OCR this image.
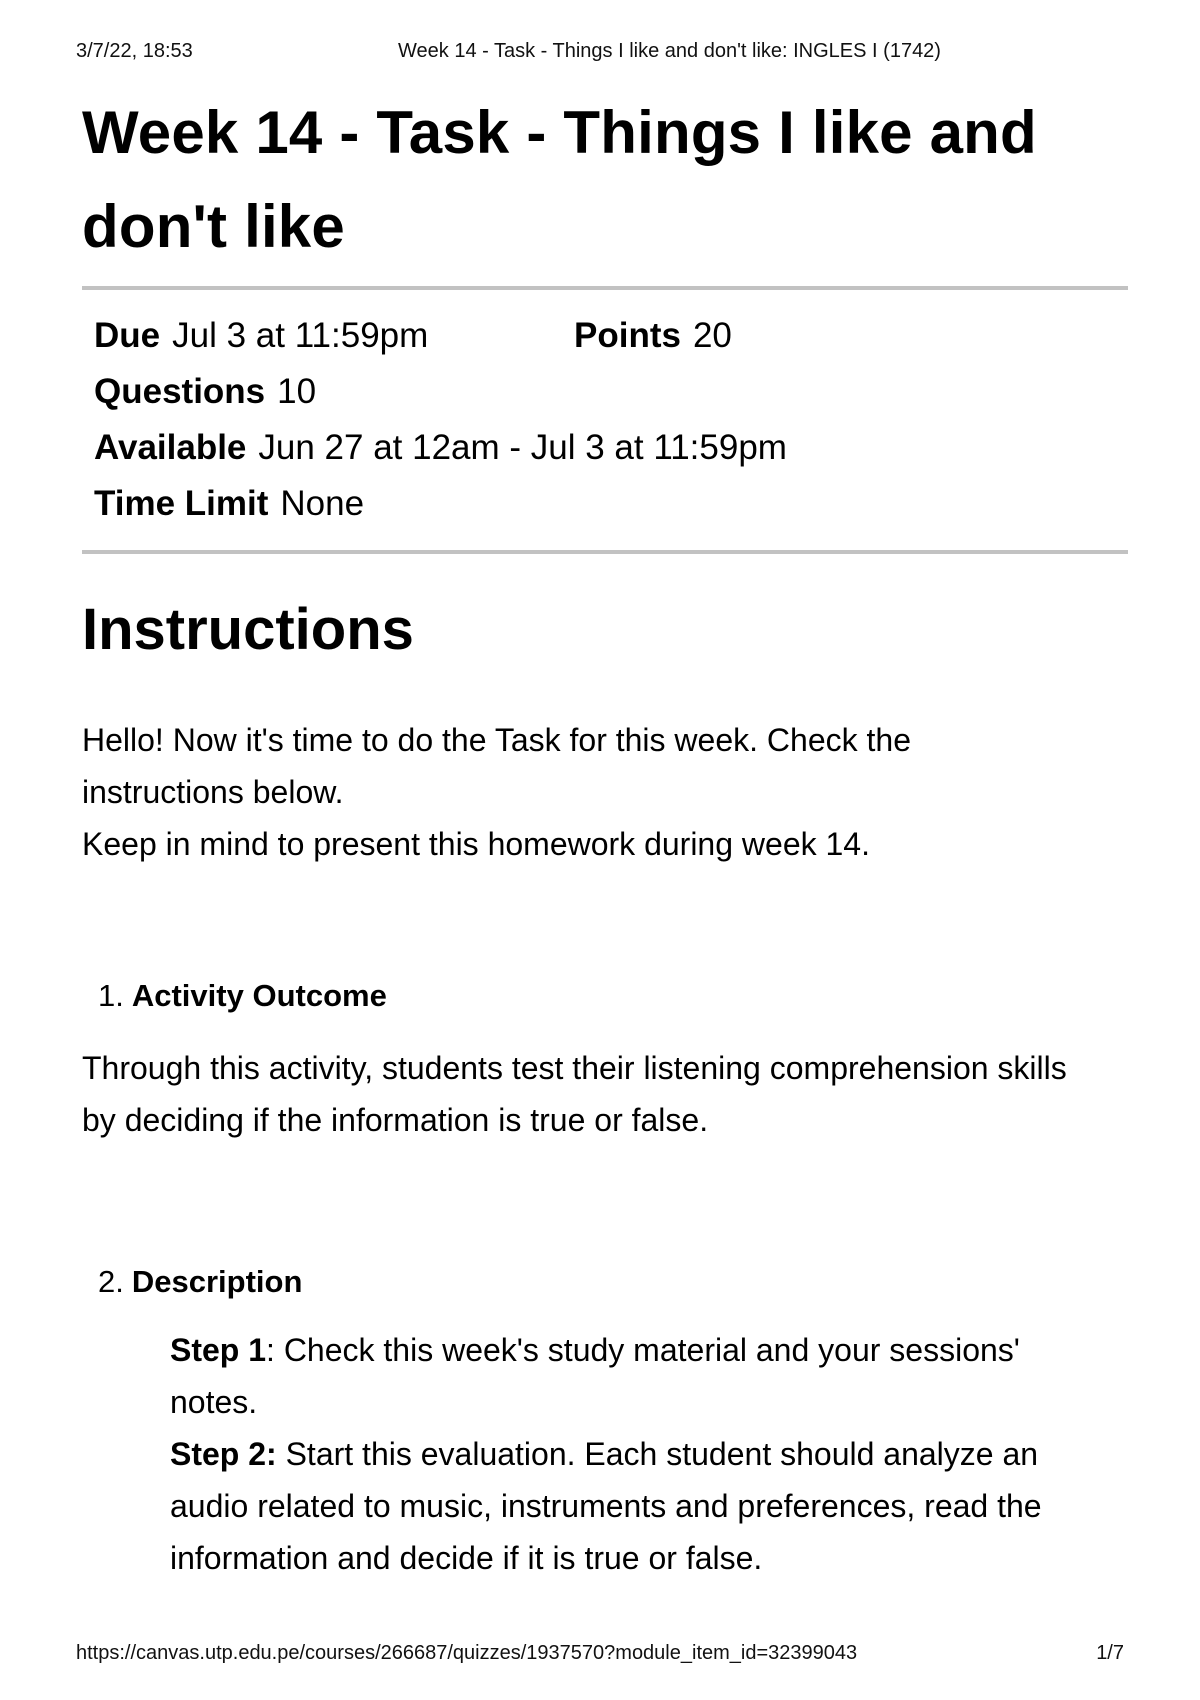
3/7/22, 18:53	Week 14 - Task - Things I like and don't like: INGLES I (1742)
Week 14 - Task - Things I like and don't like
Due Jul 3 at 11:59pm	Points 20
Questions 10
Available Jun 27 at 12am - Jul 3 at 11:59pm
Time Limit None
Instructions
Hello! Now it's time to do the Task for this week. Check the instructions below.
Keep in mind to present this homework during week 14.
1. Activity Outcome
Through this activity, students test their listening comprehension skills by deciding if the information is true or false.
2. Description
Step 1: Check this week's study material and your sessions' notes.
Step 2: Start this evaluation. Each student should analyze an audio related to music, instruments and preferences, read the information and decide if it is true or false.
https://canvas.utp.edu.pe/courses/266687/quizzes/1937570?module_item_id=32399043	1/7
